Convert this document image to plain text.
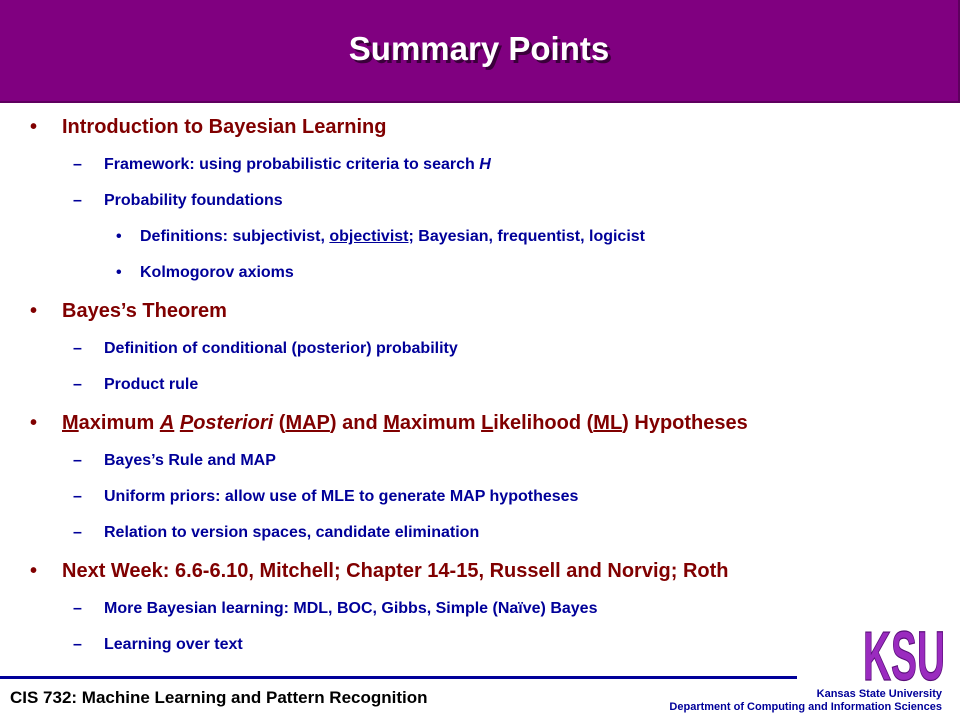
Summary Points
• Introduction to Bayesian Learning
– Framework: using probabilistic criteria to search H
– Probability foundations
• Definitions: subjectivist, objectivist; Bayesian, frequentist, logicist
• Kolmogorov axioms
• Bayes’s Theorem
– Definition of conditional (posterior) probability
– Product rule
• Maximum A Posteriori (MAP) and Maximum Likelihood (ML) Hypotheses
– Bayes’s Rule and MAP
– Uniform priors: allow use of MLE to generate MAP hypotheses
– Relation to version spaces, candidate elimination
• Next Week: 6.6-6.10, Mitchell; Chapter 14-15, Russell and Norvig; Roth
– More Bayesian learning: MDL, BOC, Gibbs, Simple (Naïve) Bayes
– Learning over text
CIS 732: Machine Learning and Pattern Recognition
KSU
Kansas State University
Department of Computing and Information Sciences
